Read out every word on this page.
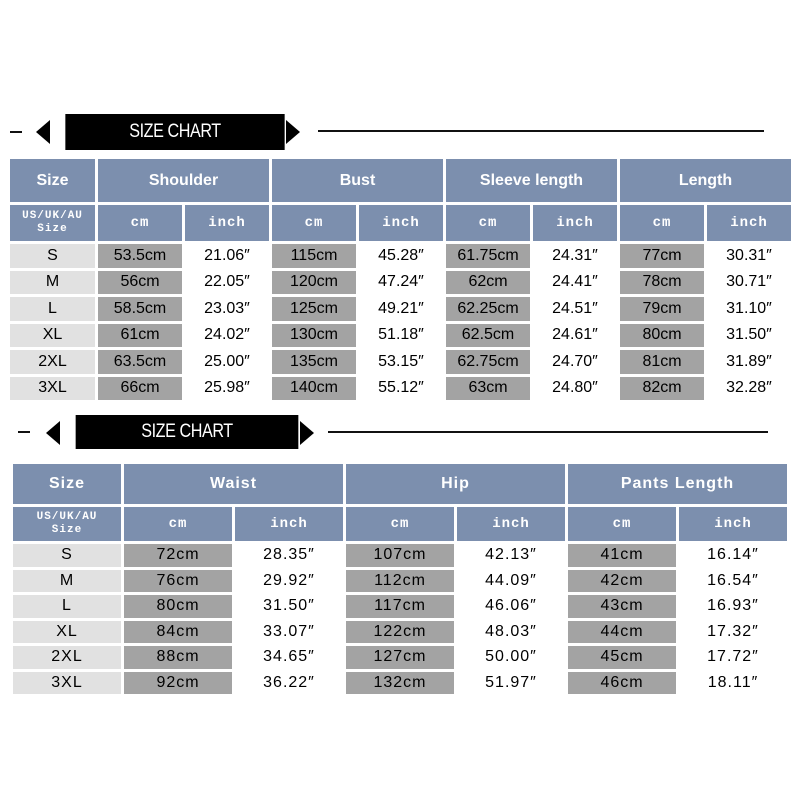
SIZE CHART
Size	Shoulder		Bust		Sleeve length		Length	
US/UK/AU
Size	cm	inch	cm	inch	cm	inch	cm	inch
S	53.5cm	21.06″	115cm	45.28″	61.75cm	24.31″	77cm	30.31″
M	56cm	22.05″	120cm	47.24″	62cm	24.41″	78cm	30.71″
L	58.5cm	23.03″	125cm	49.21″	62.25cm	24.51″	79cm	31.10″
XL	61cm	24.02″	130cm	51.18″	62.5cm	24.61″	80cm	31.50″
2XL	63.5cm	25.00″	135cm	53.15″	62.75cm	24.70″	81cm	31.89″
3XL	66cm	25.98″	140cm	55.12″	63cm	24.80″	82cm	32.28″
SIZE CHART
Size	Waist		Hip		Pants Length	
US/UK/AU
Size	cm	inch	cm	inch	cm	inch
S	72cm	28.35″	107cm	42.13″	41cm	16.14″
M	76cm	29.92″	112cm	44.09″	42cm	16.54″
L	80cm	31.50″	117cm	46.06″	43cm	16.93″
XL	84cm	33.07″	122cm	48.03″	44cm	17.32″
2XL	88cm	34.65″	127cm	50.00″	45cm	17.72″
3XL	92cm	36.22″	132cm	51.97″	46cm	18.11″
